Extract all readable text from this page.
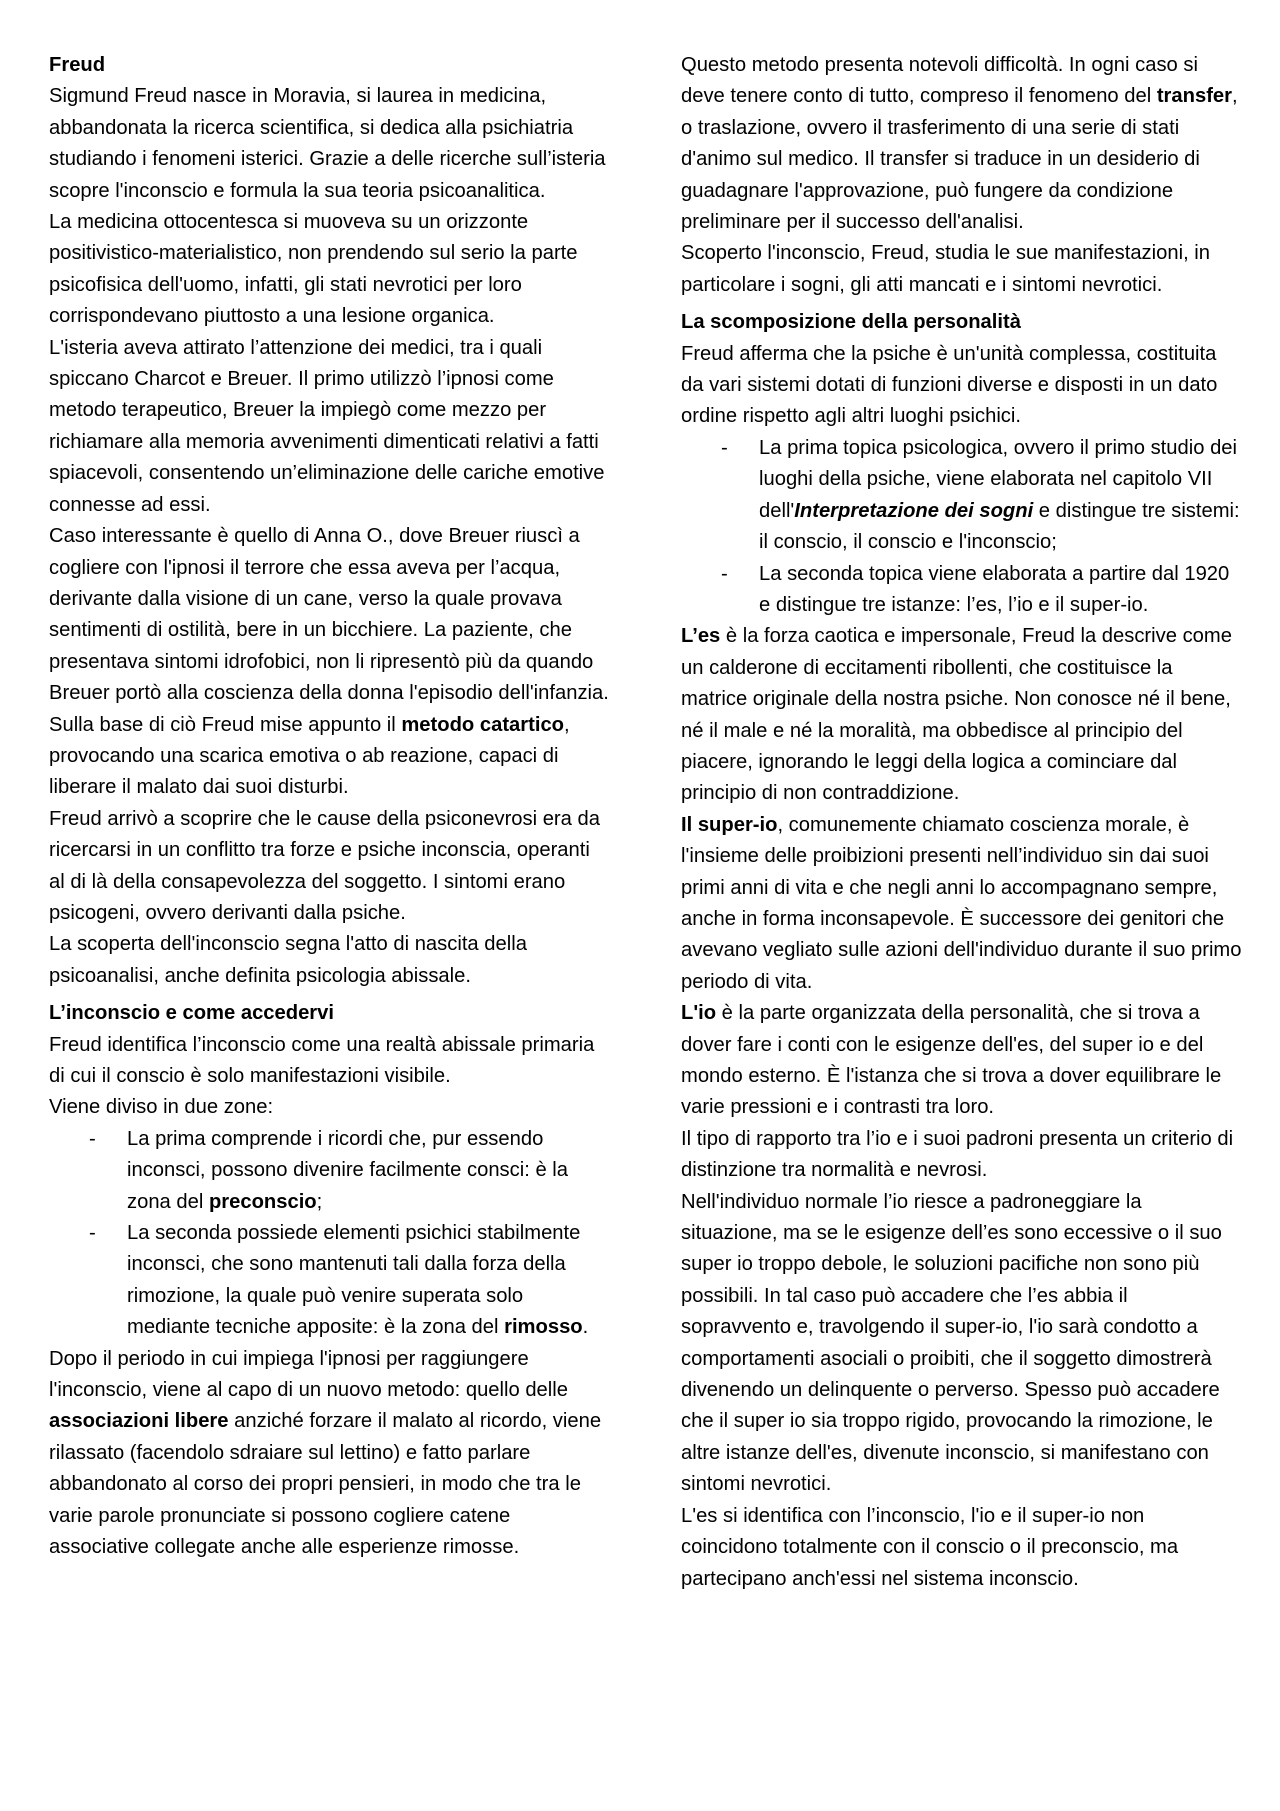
Freud

Sigmund Freud nasce in Moravia, si laurea in medicina, abbandonata la ricerca scientifica, si dedica alla psichiatria studiando i fenomeni isterici. Grazie a delle ricerche sull’isteria scopre l'inconscio e formula la sua teoria psicoanalitica.

La medicina ottocentesca si muoveva su un orizzonte positivistico-materialistico, non prendendo sul serio la parte psicofisica dell'uomo, infatti, gli stati nevrotici per loro corrispondevano piuttosto a una lesione organica.

L'isteria aveva attirato l’attenzione dei medici, tra i quali spiccano Charcot e Breuer. Il primo utilizzò l’ipnosi come metodo terapeutico, Breuer la impiegò come mezzo per richiamare alla memoria avvenimenti dimenticati relativi a fatti spiacevoli, consentendo un’eliminazione delle cariche emotive connesse ad essi.

Caso interessante è quello di Anna O., dove Breuer riuscì a cogliere con l'ipnosi il terrore che essa aveva per l’acqua, derivante dalla visione di un cane, verso la quale provava sentimenti di ostilità, bere in un bicchiere. La paziente, che presentava sintomi idrofobici, non li ripresentò più da quando Breuer portò alla coscienza della donna l'episodio dell'infanzia.

Sulla base di ciò Freud mise appunto il metodo catartico, provocando una scarica emotiva o ab reazione, capaci di liberare il malato dai suoi disturbi.

Freud arrivò a scoprire che le cause della psiconevrosi era da ricercarsi in un conflitto tra forze e psiche inconscia, operanti al di là della consapevolezza del soggetto. I sintomi erano psicogeni, ovvero derivanti dalla psiche.

La scoperta dell'inconscio segna l'atto di nascita della psicoanalisi, anche definita psicologia abissale.

L’inconscio e come accedervi

Freud identifica l’inconscio come una realtà abissale primaria di cui il conscio è solo manifestazioni visibile.

Viene diviso in due zone:

- La prima comprende i ricordi che, pur essendo inconsci, possono divenire facilmente consci: è la zona del preconscio;
- La seconda possiede elementi psichici stabilmente inconsci, che sono mantenuti tali dalla forza della rimozione, la quale può venire superata solo mediante tecniche apposite: è la zona del rimosso.

Dopo il periodo in cui impiega l'ipnosi per raggiungere l'inconscio, viene al capo di un nuovo metodo: quello delle associazioni libere anziché forzare il malato al ricordo, viene rilassato (facendolo sdraiare sul lettino) e fatto parlare abbandonato al corso dei propri pensieri, in modo che tra le varie parole pronunciate si possono cogliere catene associative collegate anche alle esperienze rimosse.

Questo metodo presenta notevoli difficoltà. In ogni caso si deve tenere conto di tutto, compreso il fenomeno del transfer, o traslazione, ovvero il trasferimento di una serie di stati d'animo sul medico. Il transfer si traduce in un desiderio di guadagnare l'approvazione, può fungere da condizione preliminare per il successo dell'analisi.

Scoperto l'inconscio, Freud, studia le sue manifestazioni, in particolare i sogni, gli atti mancati e i sintomi nevrotici.

La scomposizione della personalità

Freud afferma che la psiche è un'unità complessa, costituita da vari sistemi dotati di funzioni diverse e disposti in un dato ordine rispetto agli altri luoghi psichici.

- La prima topica psicologica, ovvero il primo studio dei luoghi della psiche, viene elaborata nel capitolo VII dell'Interpretazione dei sogni e distingue tre sistemi: il conscio, il conscio e l'inconscio;
- La seconda topica viene elaborata a partire dal 1920 e distingue tre istanze: l’es, l’io e il super-io.

L’es è la forza caotica e impersonale, Freud la descrive come un calderone di eccitamenti ribollenti, che costituisce la matrice originale della nostra psiche. Non conosce né il bene, né il male e né la moralità, ma obbedisce al principio del piacere, ignorando le leggi della logica a cominciare dal principio di non contraddizione.

Il super-io, comunemente chiamato coscienza morale, è l'insieme delle proibizioni presenti nell’individuo sin dai suoi primi anni di vita e che negli anni lo accompagnano sempre, anche in forma inconsapevole. È successore dei genitori che avevano vegliato sulle azioni dell'individuo durante il suo primo periodo di vita.

L'io è la parte organizzata della personalità, che si trova a dover fare i conti con le esigenze dell'es, del super io e del mondo esterno. È l'istanza che si trova a dover equilibrare le varie pressioni e i contrasti tra loro.

Il tipo di rapporto tra l’io e i suoi padroni presenta un criterio di distinzione tra normalità e nevrosi.

Nell'individuo normale l’io riesce a padroneggiare la situazione, ma se le esigenze dell’es sono eccessive o il suo super io troppo debole, le soluzioni pacifiche non sono più possibili. In tal caso può accadere che l’es abbia il sopravvento e, travolgendo il super-io, l'io sarà condotto a comportamenti asociali o proibiti, che il soggetto dimostrerà divenendo un delinquente o perverso. Spesso può accadere che il super io sia troppo rigido, provocando la rimozione, le altre istanze dell'es, divenute inconscio, si manifestano con sintomi nevrotici.

L'es si identifica con l’inconscio, l'io e il super-io non coincidono totalmente con il conscio o il preconscio, ma partecipano anch'essi nel sistema inconscio.
